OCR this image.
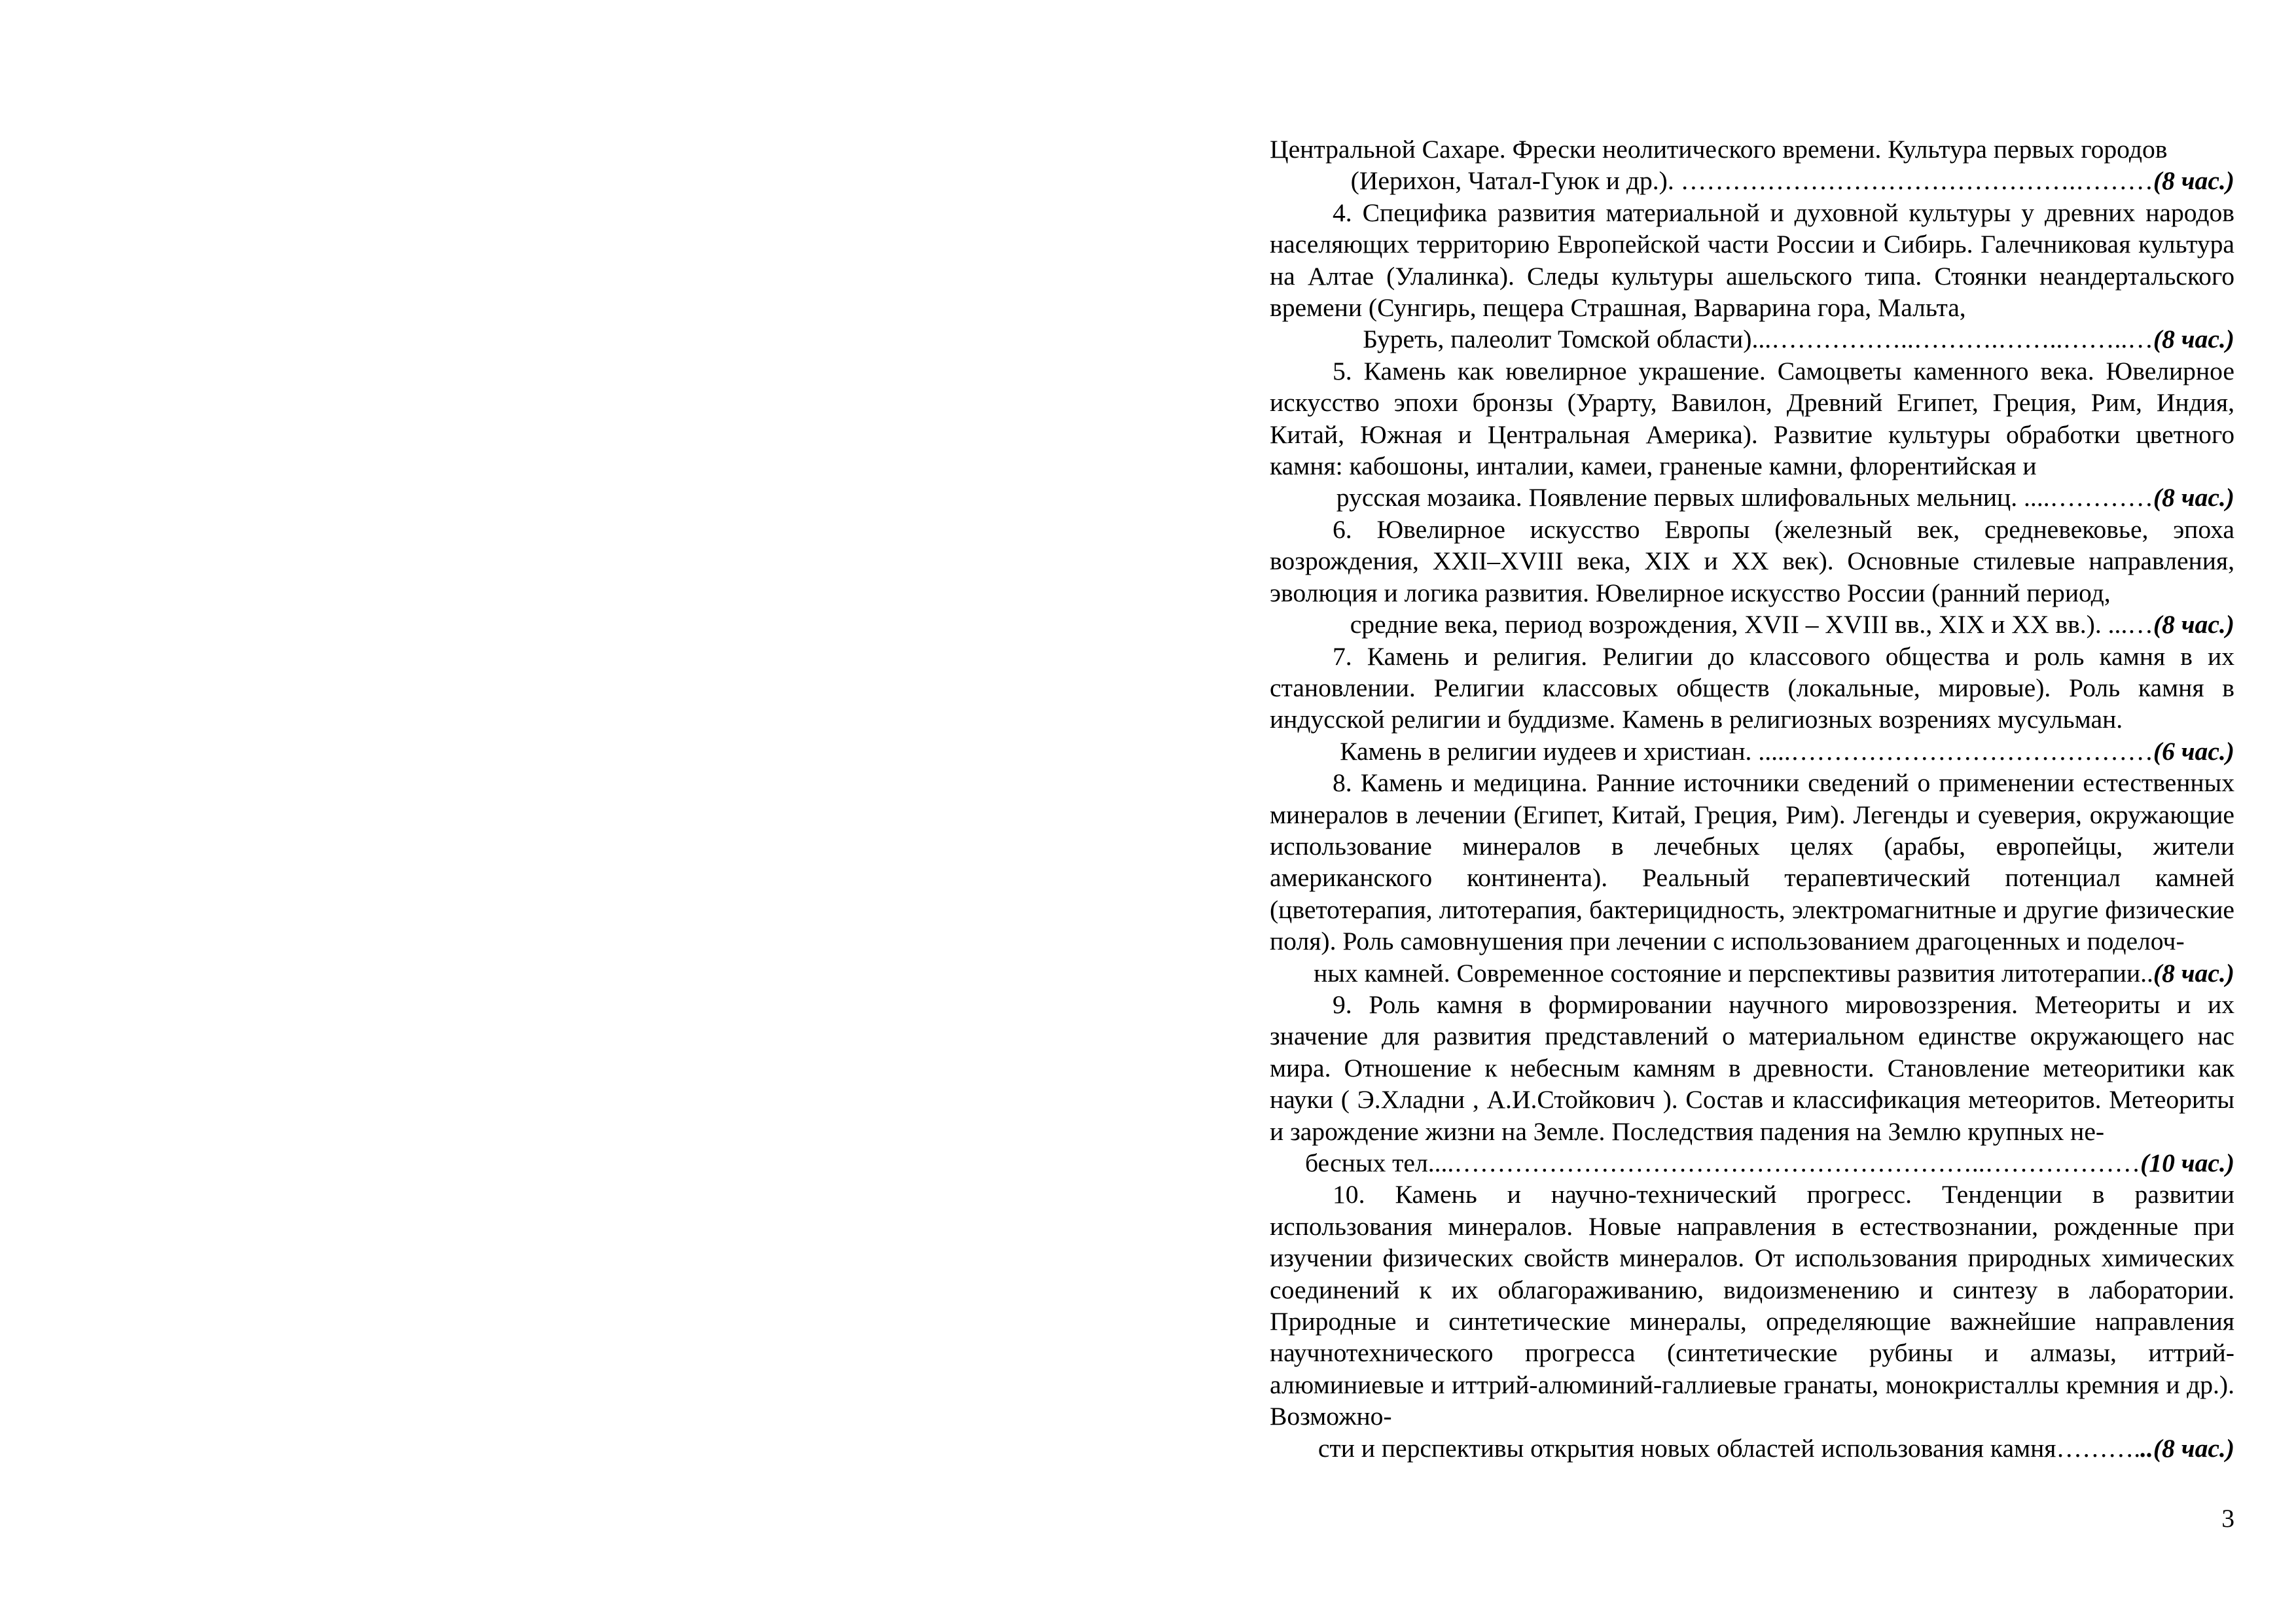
Центральной Сахаре. Фрески неолитического времени. Культура первых городов

(Иерихон, Чатал-Гуюк и др.). ……………………………………….………(8 час.)

4. Специфика развития материальной и духовной культуры у древних народов населяющих территорию Европейской части России и Сибирь. Галечниковая культура на Алтае (Улалинка). Следы культуры ашельского типа. Стоянки неандертальского времени (Сунгирь, пещера Страшная, Варварина гора, Мальта,

Буреть, палеолит Томской области)...……………..……….……..……..…(8 час.)

5. Камень как ювелирное украшение. Самоцветы каменного века. Ювелирное искусство эпохи бронзы (Урарту, Вавилон, Древний Египет, Греция, Рим, Индия, Китай, Южная и Центральная Америка). Развитие культуры обработки цветного камня: кабошоны, инталии, камеи, граненые камни, флорентийская и

русская мозаика. Появление первых шлифовальных мельниц. ....…………(8 час.)

6. Ювелирное искусство Европы (железный век, средневековье, эпоха возрождения, XXII–XVIII века, XIX и XX век). Основные стилевые направления, эволюция и логика развития. Ювелирное искусство России (ранний период,

средние века, период возрождения, XVII – XVIII вв., XIX и XX вв.). ...…(8 час.)

7. Камень и религия. Религии до классового общества и роль камня в их становлении. Религии классовых обществ (локальные, мировые). Роль камня в индусской религии и буддизме. Камень в религиозных возрениях мусульман.

Камень в религии иудеев и христиан. .....……………………………………(6 час.)

8. Камень и медицина. Ранние источники сведений о применении естественных минералов в лечении (Египет, Китай, Греция, Рим). Легенды и суеверия, окружающие использование минералов в лечебных целях (арабы, европейцы, жители американского континента). Реальный терапевтический потенциал камней (цветотерапия, литотерапия, бактерицидность, электромагнитные и другие физические поля). Роль самовнушения при лечении с использованием драгоценных и поделоч-

ных камней. Современное состояние и перспективы развития литотерапии..(8 час.)

9. Роль камня в формировании научного мировоззрения. Метеориты и их значение для развития представлений о материальном единстве окружающего нас мира. Отношение к небесным камням в древности. Становление метеоритики как науки ( Э.Хладни , А.И.Стойкович ). Состав и классификация метеоритов. Метеориты и зарождение жизни на Земле. Последствия падения на Землю крупных не-

бесных тел....……………………………………………………..………………(10 час.)

10. Камень и научно-технический прогресс. Тенденции в развитии использования минералов. Новые направления в естествознании, рожденные при изучении физических свойств минералов. От использования природных химических соединений к их облагораживанию, видоизменению и синтезу в лаборатории. Природные и синтетические минералы, определяющие важнейшие направления научнотехнического прогресса (синтетические рубины и алмазы, иттрий-алюминиевые и иттрий-алюминий-галлиевые гранаты, монокристаллы кремния и др.). Возможно-

сти и перспективы открытия новых областей использования камня………...(8 час.)
3
